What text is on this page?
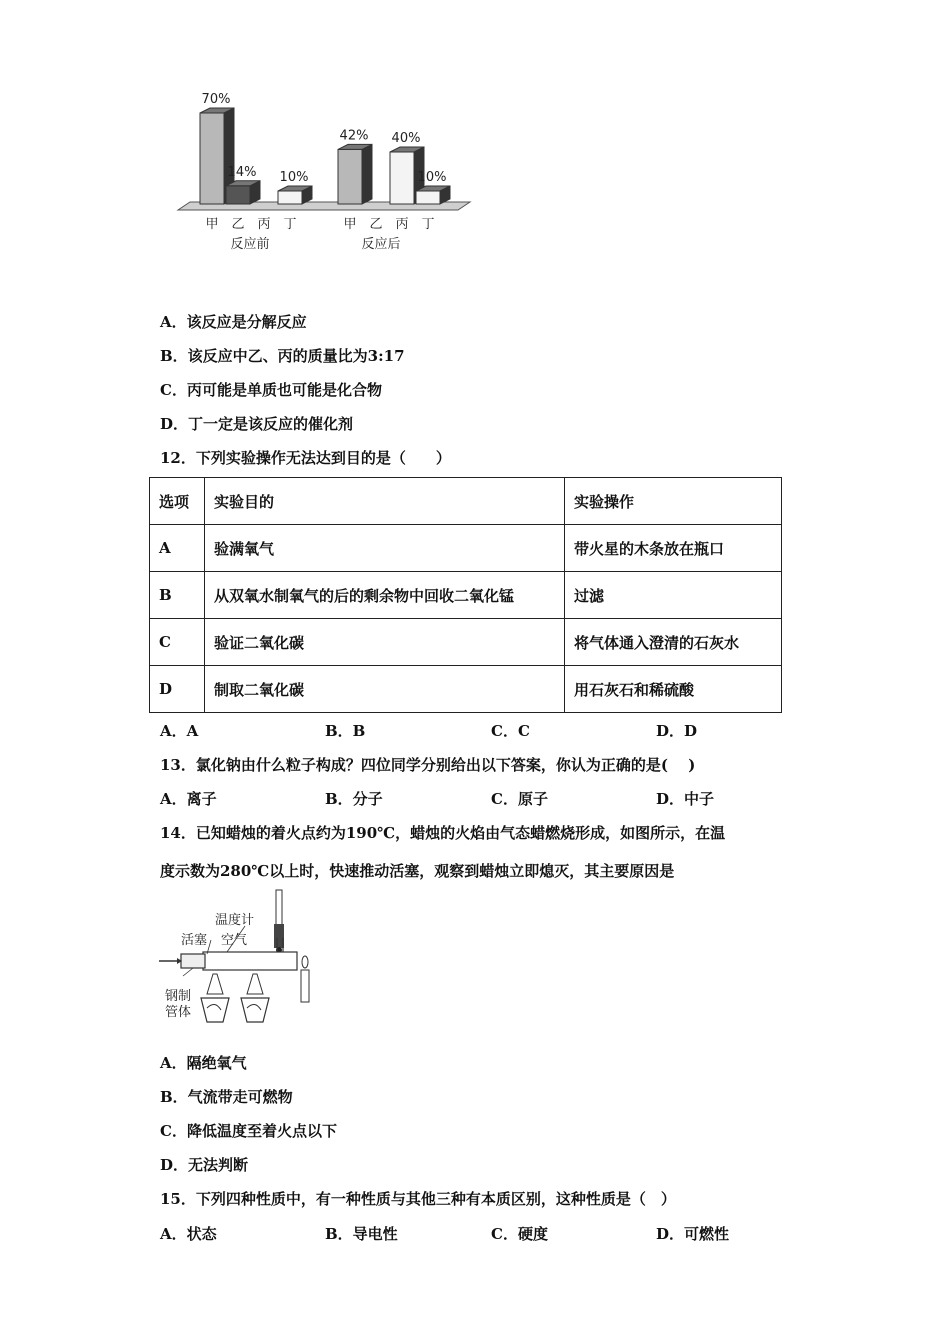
甲
70%
乙
14%
丙 丁
10%
甲
42%
乙 丙
40%
丁
10%
反应前	反应后
A．该反应是分解反应
B．该反应中乙、丙的质量比为3:17
C．丙可能是单质也可能是化合物
D．丁一定是该反应的催化剂
12．下列实验操作无法达到目的是（　　）
选项	实验目的	实验操作
A	验满氧气	带火星的木条放在瓶口
B	从双氧水制氧气的后的剩余物中回收二氧化锰	过滤
C	验证二氧化碳	将气体通入澄清的石灰水
D	制取二氧化碳	用石灰石和稀硫酸
A．A	B．B	C．C	D．D
13．氯化钠由什么粒子构成？四位同学分别给出以下答案，你认为正确的是(　 )
A．离子	B．分子	C．原子	D．中子
14．已知蜡烛的着火点约为190℃，蜡烛的火焰由气态蜡燃烧形成，如图所示，在温
度示数为280℃以上时，快速推动活塞，观察到蜡烛立即熄灭，其主要原因是
温度计
活塞 空气
钢制
管体
A．隔绝氧气
B．气流带走可燃物
C．降低温度至着火点以下
D．无法判断
15．下列四种性质中，有一种性质与其他三种有本质区别，这种性质是（　）
A．状态	B．导电性	C．硬度	D．可燃性
